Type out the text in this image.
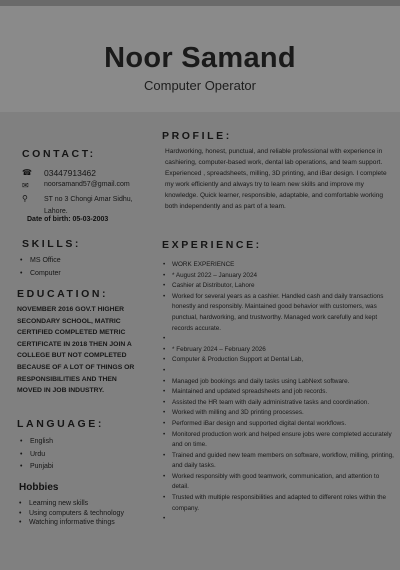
Noor Samand
Computer Operator
CONTACT:
☎	03447913462
✉	noorsamand57@gmail.com
⚲	ST no 3 Chongi Amar Sidhu,
Lahore.
Date of birth: 05-03-2003
SKILLS:
• MS Office
• Computer
EDUCATION:
NOVEMBER 2016 GOV.T HIGHER SECONDARY SCHOOL, MATRIC CERTIFIED COMPLETED METRIC CERTIFICATE IN 2018 THEN JOIN A COLLEGE BUT NOT COMPLETED BECAUSE OF A LOT OF THINGS OR RESPONSIBILITIES AND THEN MOVED IN JOB INDUSTRY.
LANGUAGE:
• English
• Urdu
• Punjabi
Hobbies
• Learning new skills
• Using computers & technology
• Watching informative things
PROFILE:
Hardworking, honest, punctual, and reliable professional with experience in cashiering, computer-based work, dental lab operations, and team support. Experienced , spreadsheets, milling, 3D printing, and iBar design. I complete my work efficiently and always try to learn new skills and improve my knowledge. Quick learner, responsible, adaptable, and comfortable working both independently and as part of a team.
EXPERIENCE:
• WORK EXPERIENCE
• * August 2022 – January 2024
• Cashier at Distributor, Lahore
• Worked for several years as a cashier. Handled cash and daily transactions honestly and responsibly. Maintained good behavior with customers, was punctual, hardworking, and trustworthy. Managed work carefully and kept records accurate.
•
• * February 2024 – February 2026
• Computer & Production Support at Dental Lab,
•
• Managed job bookings and daily tasks using LabNext software.
• Maintained and updated spreadsheets and job records.
• Assisted the HR team with daily administrative tasks and coordination.
• Worked with milling and 3D printing processes.
• Performed iBar design and supported digital dental workflows.
• Monitored production work and helped ensure jobs were completed accurately and on time.
• Trained and guided new team members on software, workflow, milling, printing, and daily tasks.
• Worked responsibly with good teamwork, communication, and attention to detail.
• Trusted with multiple responsibilities and adapted to different roles within the company.
•
